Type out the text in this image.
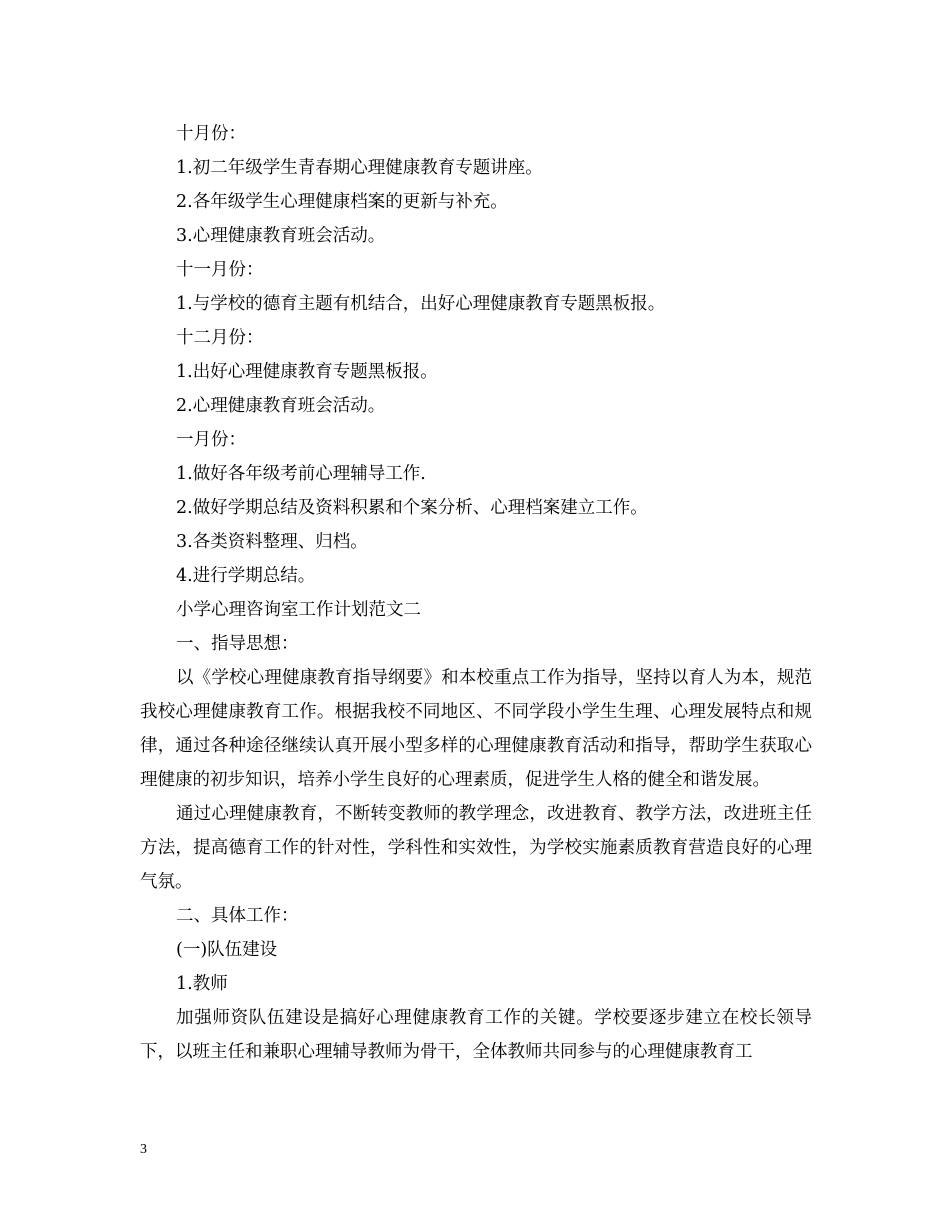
十月份：
1.初二年级学生青春期心理健康教育专题讲座。
2.各年级学生心理健康档案的更新与补充。
3.心理健康教育班会活动。
十一月份：
1.与学校的德育主题有机结合，出好心理健康教育专题黑板报。
十二月份：
1.出好心理健康教育专题黑板报。
2.心理健康教育班会活动。
一月份：
1.做好各年级考前心理辅导工作.
2.做好学期总结及资料积累和个案分析、心理档案建立工作。
3.各类资料整理、归档。
4.进行学期总结。
小学心理咨询室工作计划范文二
一、指导思想：

以《学校心理健康教育指导纲要》和本校重点工作为指导，坚持以育人为本，规范我校心理健康教育工作。根据我校不同地区、不同学段小学生生理、心理发展特点和规律，通过各种途径继续认真开展小型多样的心理健康教育活动和指导，帮助学生获取心理健康的初步知识，培养小学生良好的心理素质，促进学生人格的健全和谐发展。

通过心理健康教育，不断转变教师的教学理念，改进教育、教学方法，改进班主任方法，提高德育工作的针对性，学科性和实效性，为学校实施素质教育营造良好的心理气氛。

二、具体工作：
(一)队伍建设
1.教师

加强师资队伍建设是搞好心理健康教育工作的关键。学校要逐步建立在校长领导下，以班主任和兼职心理辅导教师为骨干，全体教师共同参与的心理健康教育工

3
